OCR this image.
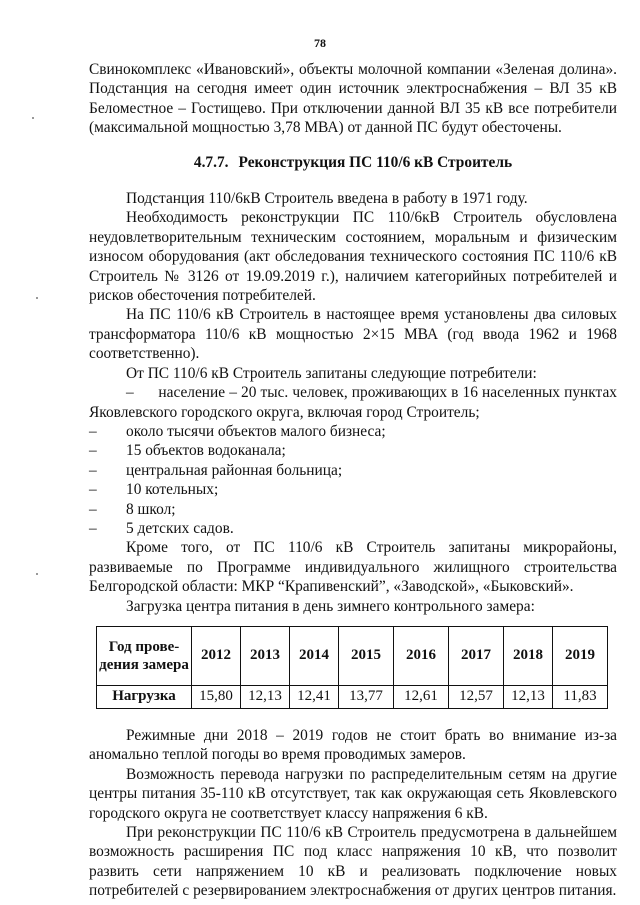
78

Свинокомплекс «Ивановский», объекты молочной компании «Зеленая долина». Подстанция на сегодня имеет один источник электроснабжения – ВЛ 35 кВ Беломестное – Гостищево. При отключении данной ВЛ 35 кВ все потребители (максимальной мощностью 3,78 МВА) от данной ПС будут обесточены.

4.7.7. Реконструкция ПС 110/6 кВ Строитель

Подстанция 110/6кВ Строитель введена в работу в 1971 году.

Необходимость реконструкции ПС 110/6кВ Строитель обусловлена неудовлетворительным техническим состоянием, моральным и физическим износом оборудования (акт обследования технического состояния ПС 110/6 кВ Строитель № 3126 от 19.09.2019 г.), наличием категорийных потребителей и рисков обесточения потребителей.

На ПС 110/6 кВ Строитель в настоящее время установлены два силовых трансформатора 110/6 кВ мощностью 2×15 МВА (год ввода 1962 и 1968 соответственно).

От ПС 110/6 кВ Строитель запитаны следующие потребители:

– население – 20 тыс. человек, проживающих в 16 населенных пунктах Яковлевского городского округа, включая город Строитель;

– около тысячи объектов малого бизнеса;

– 15 объектов водоканала;

– центральная районная больница;

– 10 котельных;

– 8 школ;

– 5 детских садов.

Кроме того, от ПС 110/6 кВ Строитель запитаны микрорайоны, развиваемые по Программе индивидуального жилищного строительства Белгородской области: МКР “Крапивенский”, «Заводской», «Быковский».

Загрузка центра питания в день зимнего контрольного замера:

Год прове-дения замера	2012	2013	2014	2015	2016	2017	2018	2019
Нагрузка	15,80	12,13	12,41	13,77	12,61	12,57	12,13	11,83

Режимные дни 2018 – 2019 годов не стоит брать во внимание из-за аномально теплой погоды во время проводимых замеров.

Возможность перевода нагрузки по распределительным сетям на другие центры питания 35-110 кВ отсутствует, так как окружающая сеть Яковлевского городского округа не соответствует классу напряжения 6 кВ.

При реконструкции ПС 110/6 кВ Строитель предусмотрена в дальнейшем возможность расширения ПС под класс напряжения 10 кВ, что позволит развить сети напряжением 10 кВ и реализовать подключение новых потребителей с резервированием электроснабжения от других центров питания.
